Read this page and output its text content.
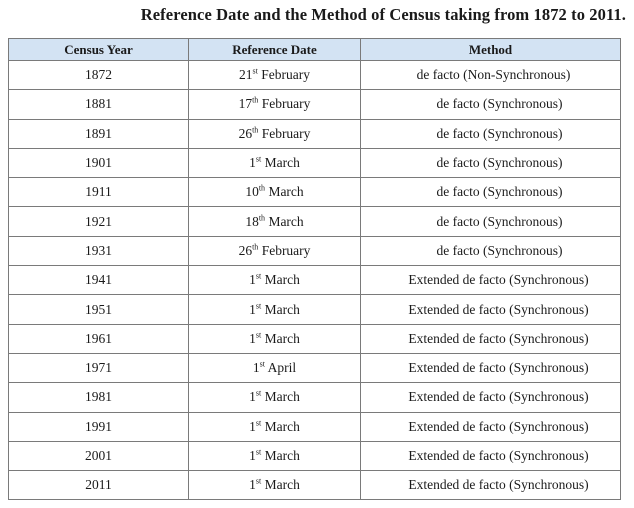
Reference Date and the Method of Census taking from 1872 to 2011.
Census Year	Reference Date	Method
1872	21st February	de facto (Non-Synchronous)
1881	17th February	de facto (Synchronous)
1891	26th February	de facto (Synchronous)
1901	1st March	de facto (Synchronous)
1911	10th March	de facto (Synchronous)
1921	18th March	de facto (Synchronous)
1931	26th February	de facto (Synchronous)
1941	1st March	Extended de facto (Synchronous)
1951	1st March	Extended de facto (Synchronous)
1961	1st March	Extended de facto (Synchronous)
1971	1st April	Extended de facto (Synchronous)
1981	1st March	Extended de facto (Synchronous)
1991	1st March	Extended de facto (Synchronous)
2001	1st March	Extended de facto (Synchronous)
2011	1st March	Extended de facto (Synchronous)
